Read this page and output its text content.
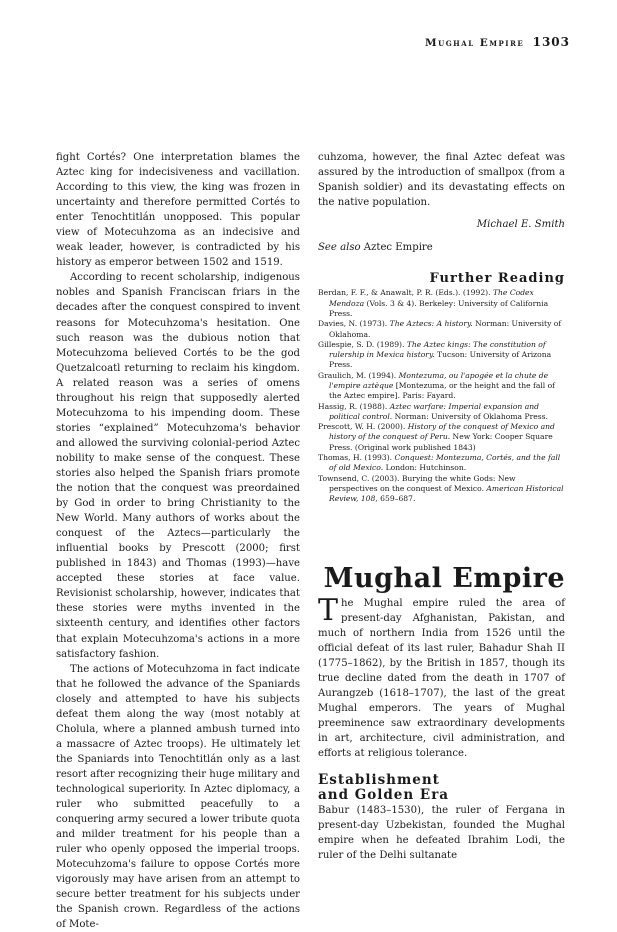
Mughal Empire 1303

fight Cortés? One interpretation blames the Aztec king for indecisiveness and vacillation. According to this view, the king was frozen in uncertainty and therefore permitted Cortés to enter Tenochtitlán unopposed. This popular view of Motecuhzoma as an indecisive and weak leader, however, is contradicted by his history as emperor between 1502 and 1519.

According to recent scholarship, indigenous nobles and Spanish Franciscan friars in the decades after the conquest conspired to invent reasons for Motecuhzoma's hesitation. One such reason was the dubious notion that Motecuhzoma believed Cortés to be the god Quetzalcoatl returning to reclaim his kingdom. A related reason was a series of omens throughout his reign that supposedly alerted Motecuhzoma to his impending doom. These stories “explained” Motecuhzoma's behavior and allowed the surviving colonial-period Aztec nobility to make sense of the conquest. These stories also helped the Spanish friars promote the notion that the conquest was preordained by God in order to bring Christianity to the New World. Many authors of works about the conquest of the Aztecs—particularly the influential books by Prescott (2000; first published in 1843) and Thomas (1993)—have accepted these stories at face value. Revisionist scholarship, however, indicates that these stories were myths invented in the sixteenth century, and identifies other factors that explain Motecuhzoma's actions in a more satisfactory fashion.

The actions of Motecuhzoma in fact indicate that he followed the advance of the Spaniards closely and attempted to have his subjects defeat them along the way (most notably at Cholula, where a planned ambush turned into a massacre of Aztec troops). He ultimately let the Spaniards into Tenochtitlán only as a last resort after recognizing their huge military and technological superiority. In Aztec diplomacy, a ruler who submitted peacefully to a conquering army secured a lower tribute quota and milder treatment for his people than a ruler who openly opposed the imperial troops. Motecuhzoma's failure to oppose Cortés more vigorously may have arisen from an attempt to secure better treatment for his subjects under the Spanish crown. Regardless of the actions of Mote-

cuhzoma, however, the final Aztec defeat was assured by the introduction of smallpox (from a Spanish soldier) and its devastating effects on the native population.

Michael E. Smith

See also Aztec Empire

Further Reading

Berdan, F. F., & Anawalt, P. R. (Eds.). (1992). The Codex Mendoza (Vols. 3 & 4). Berkeley: University of California Press.

Davies, N. (1973). The Aztecs: A history. Norman: University of Oklahoma.

Gillespie, S. D. (1989). The Aztec kings: The constitution of rulership in Mexica history. Tucson: University of Arizona Press.

Graulich, M. (1994). Montezuma, ou l'apogée et la chute de l'empire aztèque [Montezuma, or the height and the fall of the Aztec empire]. Paris: Fayard.

Hassig, R. (1988). Aztec warfare: Imperial expansion and political control. Norman: University of Oklahoma Press.

Prescott, W. H. (2000). History of the conquest of Mexico and history of the conquest of Peru. New York: Cooper Square Press. (Original work published 1843)

Thomas, H. (1993). Conquest: Montezuma, Cortés, and the fall of old Mexico. London: Hutchinson.

Townsend, C. (2003). Burying the white Gods: New perspectives on the conquest of Mexico. American Historical Review, 108, 659–687.

Mughal Empire

The Mughal empire ruled the area of present-day Afghanistan, Pakistan, and much of northern India from 1526 until the official defeat of its last ruler, Bahadur Shah II (1775–1862), by the British in 1857, though its true decline dated from the death in 1707 of Aurangzeb (1618–1707), the last of the great Mughal emperors. The years of Mughal preeminence saw extraordinary developments in art, architecture, civil administration, and efforts at religious tolerance.

Establishment
and Golden Era

Babur (1483–1530), the ruler of Fergana in present-day Uzbekistan, founded the Mughal empire when he defeated Ibrahim Lodi, the ruler of the Delhi sultanate
